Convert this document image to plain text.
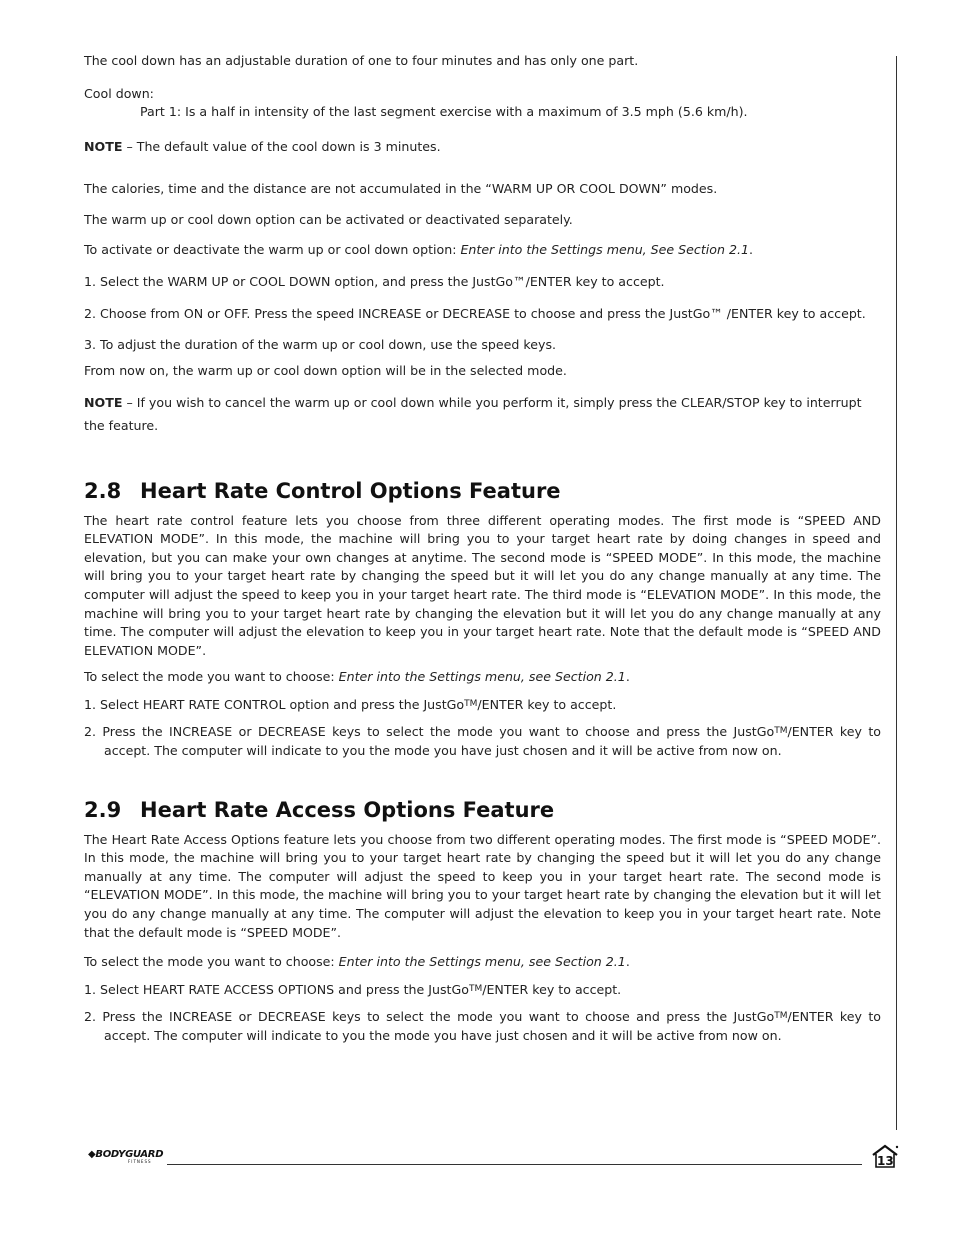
The cool down has an adjustable duration of one to four minutes and has only one part.

Cool down:

Part 1: Is a half in intensity of the last segment exercise with a maximum of 3.5 mph (5.6 km/h).

NOTE – The default value of the cool down is 3 minutes.

The calories, time and the distance are not accumulated in the “WARM UP OR COOL DOWN” modes.

The warm up or cool down option can be activated or deactivated separately.

To activate or deactivate the warm up or cool down option: Enter into the Settings menu, See Section 2.1.

1. Select the WARM UP or COOL DOWN option, and press the JustGo™/ENTER key to accept.

2. Choose from ON or OFF. Press the speed INCREASE or DECREASE to choose and press the JustGo™ /ENTER key to accept.

3. To adjust the duration of the warm up or cool down, use the speed keys.

From now on, the warm up or cool down option will be in the selected mode.

NOTE – If you wish to cancel the warm up or cool down while you perform it, simply press the CLEAR/STOP key to interrupt the feature.

2.8 Heart Rate Control Options Feature

The heart rate control feature lets you choose from three different operating modes. The first mode is “SPEED AND ELEVATION MODE”. In this mode, the machine will bring you to your target heart rate by doing changes in speed and elevation, but you can make your own changes at anytime. The second mode is “SPEED MODE”. In this mode, the machine will bring you to your target heart rate by changing the speed but it will let you do any change manually at any time. The computer will adjust the speed to keep you in your target heart rate. The third mode is “ELEVATION MODE”. In this mode, the machine will bring you to your target heart rate by changing the elevation but it will let you do any change manually at any time. The computer will adjust the elevation to keep you in your target heart rate. Note that the default mode is “SPEED AND ELEVATION MODE”.

To select the mode you want to choose: Enter into the Settings menu, see Section 2.1.

1. Select HEART RATE CONTROL option and press the JustGo™/ENTER key to accept.

2. Press the INCREASE or DECREASE keys to select the mode you want to choose and press the JustGo™/ENTER key to accept. The computer will indicate to you the mode you have just chosen and it will be active from now on.

2.9 Heart Rate Access Options Feature

The Heart Rate Access Options feature lets you choose from two different operating modes. The first mode is “SPEED MODE”. In this mode, the machine will bring you to your target heart rate by changing the speed but it will let you do any change manually at any time. The computer will adjust the speed to keep you in your target heart rate. The second mode is “ELEVATION MODE”. In this mode, the machine will bring you to your target heart rate by changing the elevation but it will let you do any change manually at any time. The computer will adjust the elevation to keep you in your target heart rate. Note that the default mode is “SPEED MODE”.

To select the mode you want to choose: Enter into the Settings menu, see Section 2.1.

1. Select HEART RATE ACCESS OPTIONS and press the JustGo™/ENTER key to accept.

2. Press the INCREASE or DECREASE keys to select the mode you want to choose and press the JustGo™/ENTER key to accept. The computer will indicate to you the mode you have just chosen and it will be active from now on.

◆BODYGUARD
FITNESS	13
